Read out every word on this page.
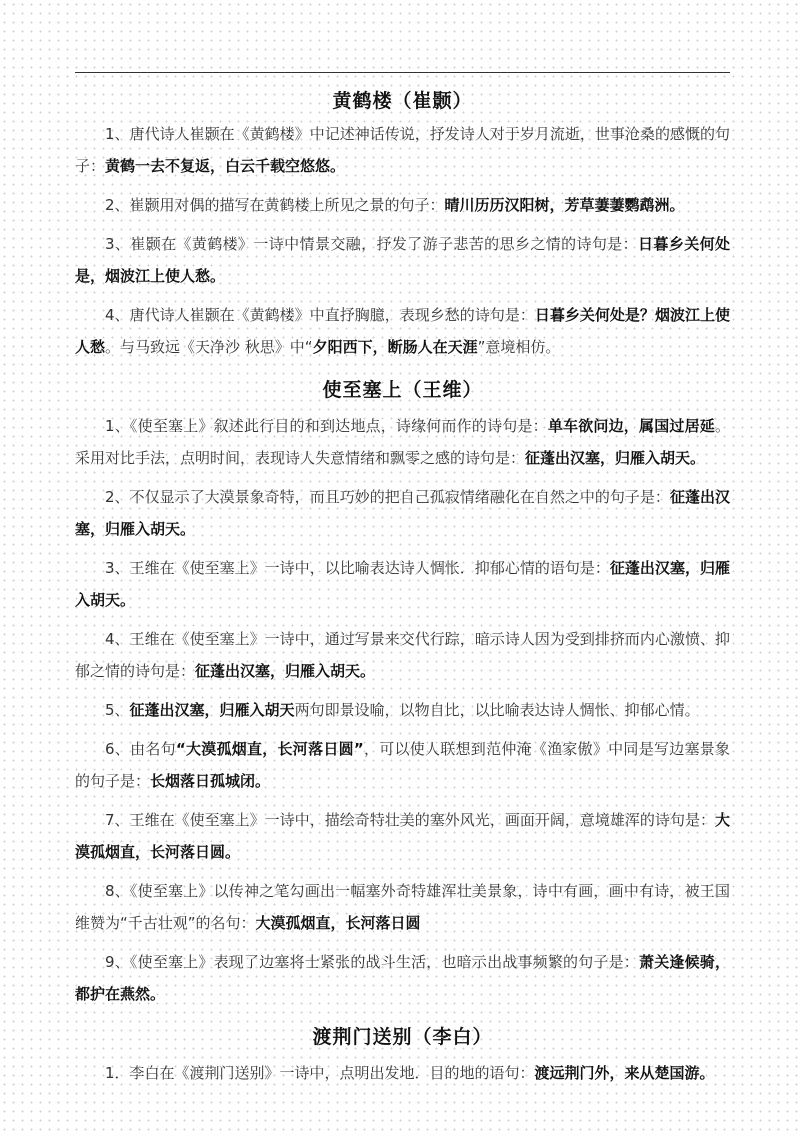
黄鹤楼（崔颢）

1、唐代诗人崔颢在《黄鹤楼》中记述神话传说，抒发诗人对于岁月流逝，世事沧桑的感慨的句子：黄鹤一去不复返，白云千载空悠悠。

2、崔颢用对偶的描写在黄鹤楼上所见之景的句子：晴川历历汉阳树，芳草萋萋鹦鹉洲。

3、崔颢在《黄鹤楼》一诗中情景交融，抒发了游子悲苦的思乡之情的诗句是：日暮乡关何处是，烟波江上使人愁。

4、唐代诗人崔颢在《黄鹤楼》中直抒胸臆，表现乡愁的诗句是：日暮乡关何处是？烟波江上使人愁。与马致远《天净沙 秋思》中“夕阳西下，断肠人在天涯”意境相仿。

使至塞上（王维）

1、《使至塞上》叙述此行目的和到达地点，诗缘何而作的诗句是：单车欲问边，属国过居延。采用对比手法，点明时间，表现诗人失意情绪和飘零之感的诗句是：征蓬出汉塞，归雁入胡天。

2、不仅显示了大漠景象奇特，而且巧妙的把自己孤寂情绪融化在自然之中的句子是：征蓬出汉塞，归雁入胡天。

3、王维在《使至塞上》一诗中，以比喻表达诗人惆怅．抑郁心情的语句是：征蓬出汉塞，归雁入胡天。

4、王维在《使至塞上》一诗中，通过写景来交代行踪，暗示诗人因为受到排挤而内心激愤、抑郁之情的诗句是：征蓬出汉塞，归雁入胡天。

5、征蓬出汉塞，归雁入胡天两句即景设喻，以物自比，以比喻表达诗人惆怅、抑郁心情。

6、由名句“大漠孤烟直，长河落日圆”，可以使人联想到范仲淹《渔家傲》中同是写边塞景象的句子是：长烟落日孤城闭。

7、王维在《使至塞上》一诗中，描绘奇特壮美的塞外风光，画面开阔，意境雄浑的诗句是：大漠孤烟直，长河落日圆。

8、《使至塞上》以传神之笔勾画出一幅塞外奇特雄浑壮美景象，诗中有画，画中有诗，被王国维赞为“千古壮观”的名句：大漠孤烟直，长河落日圆

9、《使至塞上》表现了边塞将士紧张的战斗生活，也暗示出战事频繁的句子是：萧关逢候骑，都护在燕然。

渡荆门送别（李白）

1．李白在《渡荆门送别》一诗中，点明出发地．目的地的语句：渡远荆门外，来从楚国游。
